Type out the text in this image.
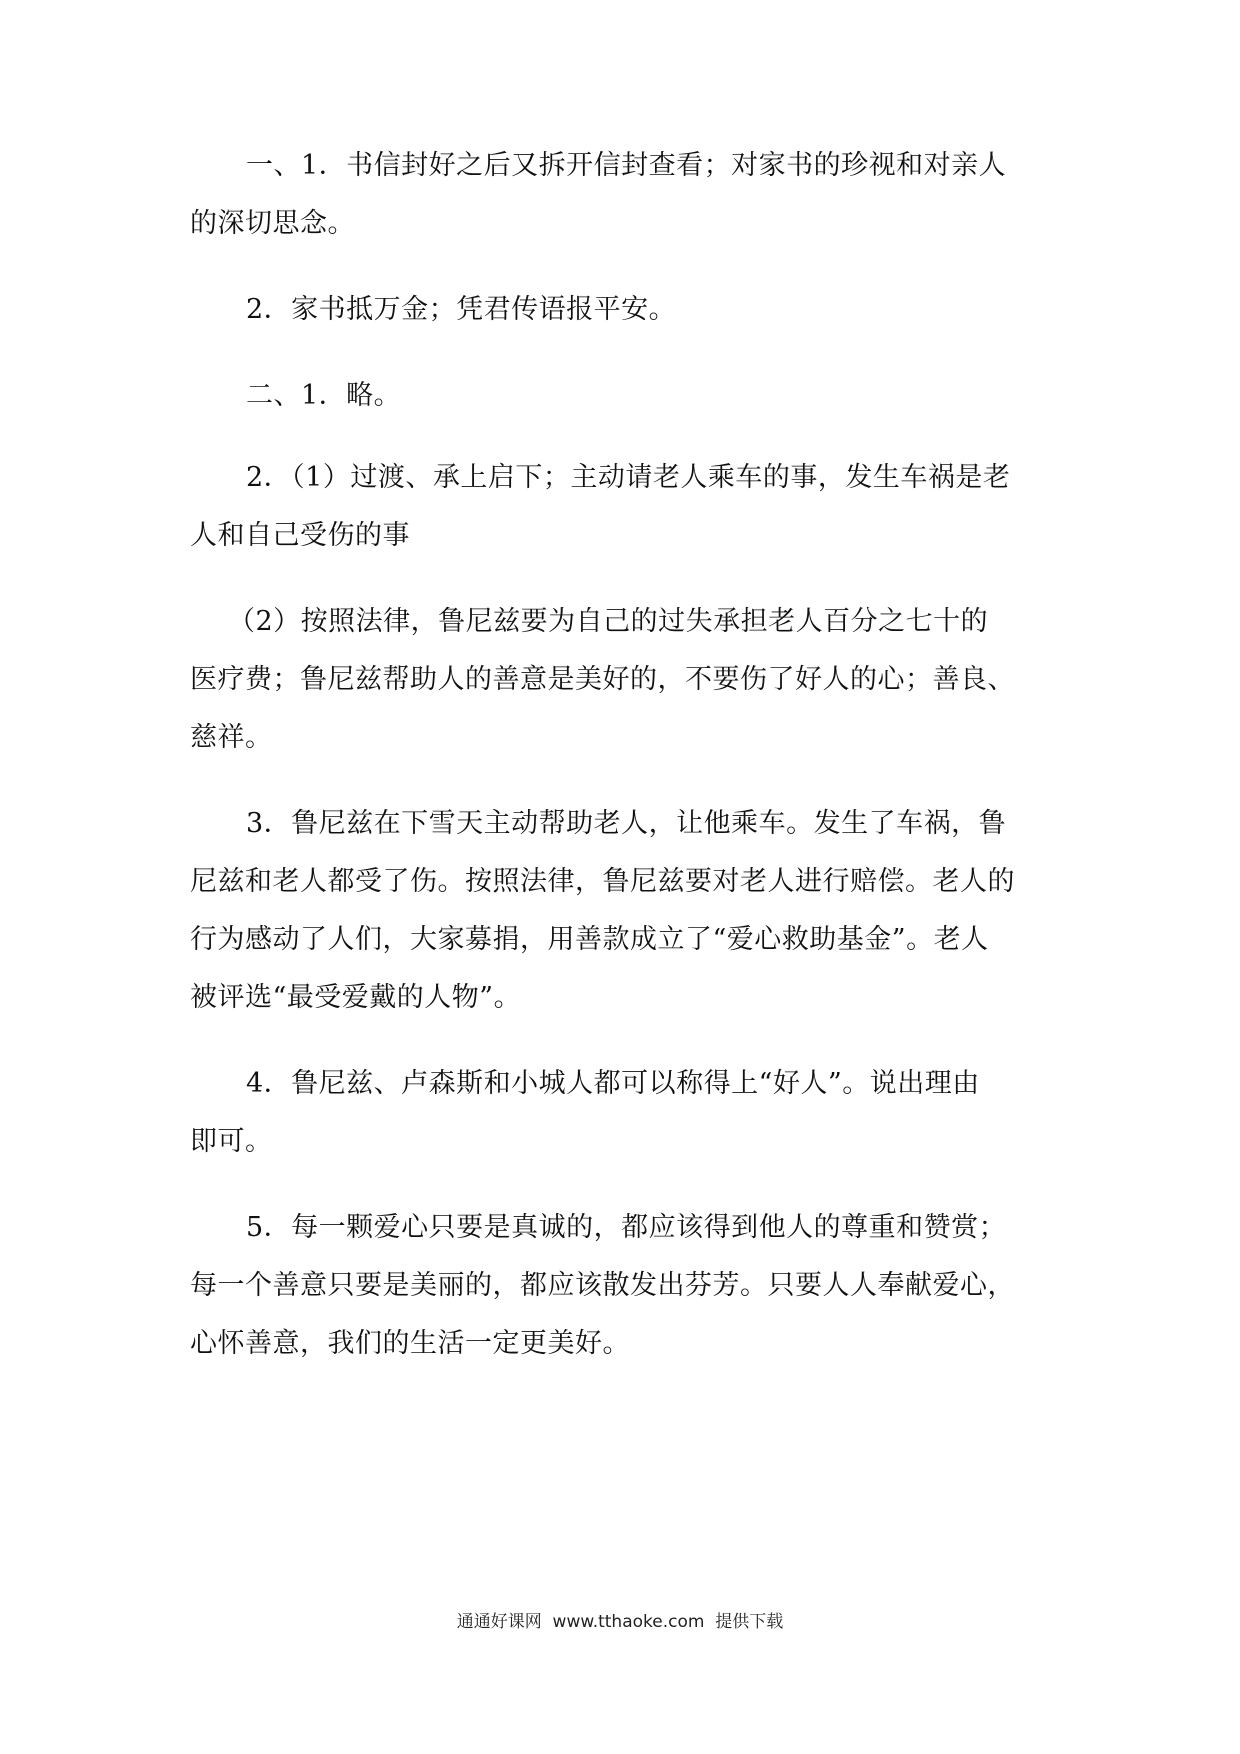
一、1．书信封好之后又拆开信封查看；对家书的珍视和对亲人
的深切思念。
2．家书抵万金；凭君传语报平安。
二、1．略。
2．（1）过渡、承上启下；主动请老人乘车的事，发生车祸是老
人和自己受伤的事
（2）按照法律，鲁尼兹要为自己的过失承担老人百分之七十的
医疗费；鲁尼兹帮助人的善意是美好的，不要伤了好人的心；善良、
慈祥。
3．鲁尼兹在下雪天主动帮助老人，让他乘车。发生了车祸，鲁
尼兹和老人都受了伤。按照法律，鲁尼兹要对老人进行赔偿。老人的
行为感动了人们，大家募捐，用善款成立了“爱心救助基金”。老人
被评选“最受爱戴的人物”。
4．鲁尼兹、卢森斯和小城人都可以称得上“好人”。说出理由
即可。
5．每一颗爱心只要是真诚的，都应该得到他人的尊重和赞赏；
每一个善意只要是美丽的，都应该散发出芬芳。只要人人奉献爱心，
心怀善意，我们的生活一定更美好。
通通好课网  www.tthaoke.com  提供下载
